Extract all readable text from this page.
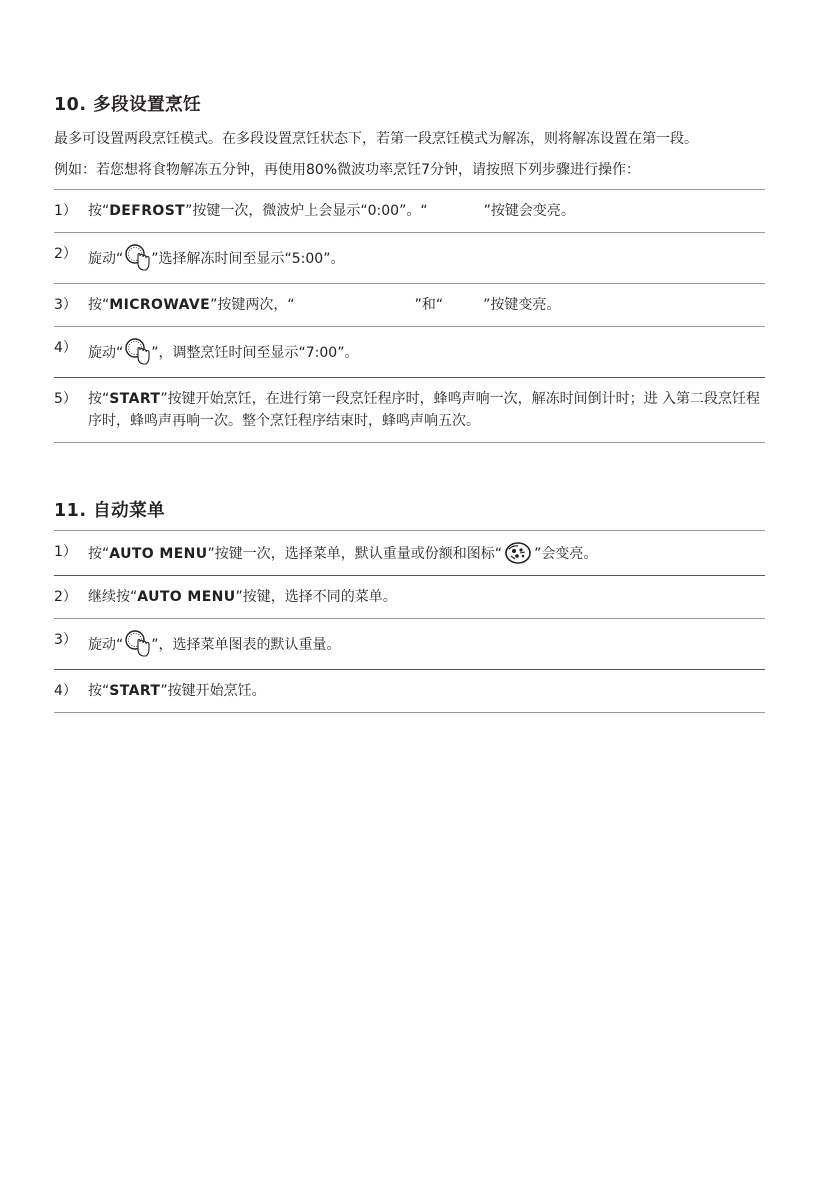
10. 多段设置烹饪

最多可设置两段烹饪模式。在多段设置烹饪状态下，若第一段烹饪模式为解冻，则将解冻设置在第一段。

例如：若您想将食物解冻五分钟，再使用80%微波功率烹饪7分钟，请按照下列步骤进行操作：

1） 按“DEFROST”按键一次，微波炉上会显示“0:00”。“	”按键会变亮。
2） 旋动“ ”选择解冻时间至显示“5:00”。
3） 按“MICROWAVE”按键两次，“	”和“	”按键变亮。
4） 旋动“ ”，调整烹饪时间至显示“7:00”。
5） 按“START”按键开始烹饪，在进行第一段烹饪程序时，蜂鸣声响一次，解冻时间倒计时；进 入第二段烹饪程序时，蜂鸣声再响一次。整个烹饪程序结束时，蜂鸣声响五次。
11. 自动菜单
1） 按“AUTO MENU”按键一次，选择菜单，默认重量或份额和图标“ ”会变亮。
2） 继续按“AUTO MENU”按键，选择不同的菜单。
3） 旋动“ ”，选择菜单图表的默认重量。
4） 按“START”按键开始烹饪。
